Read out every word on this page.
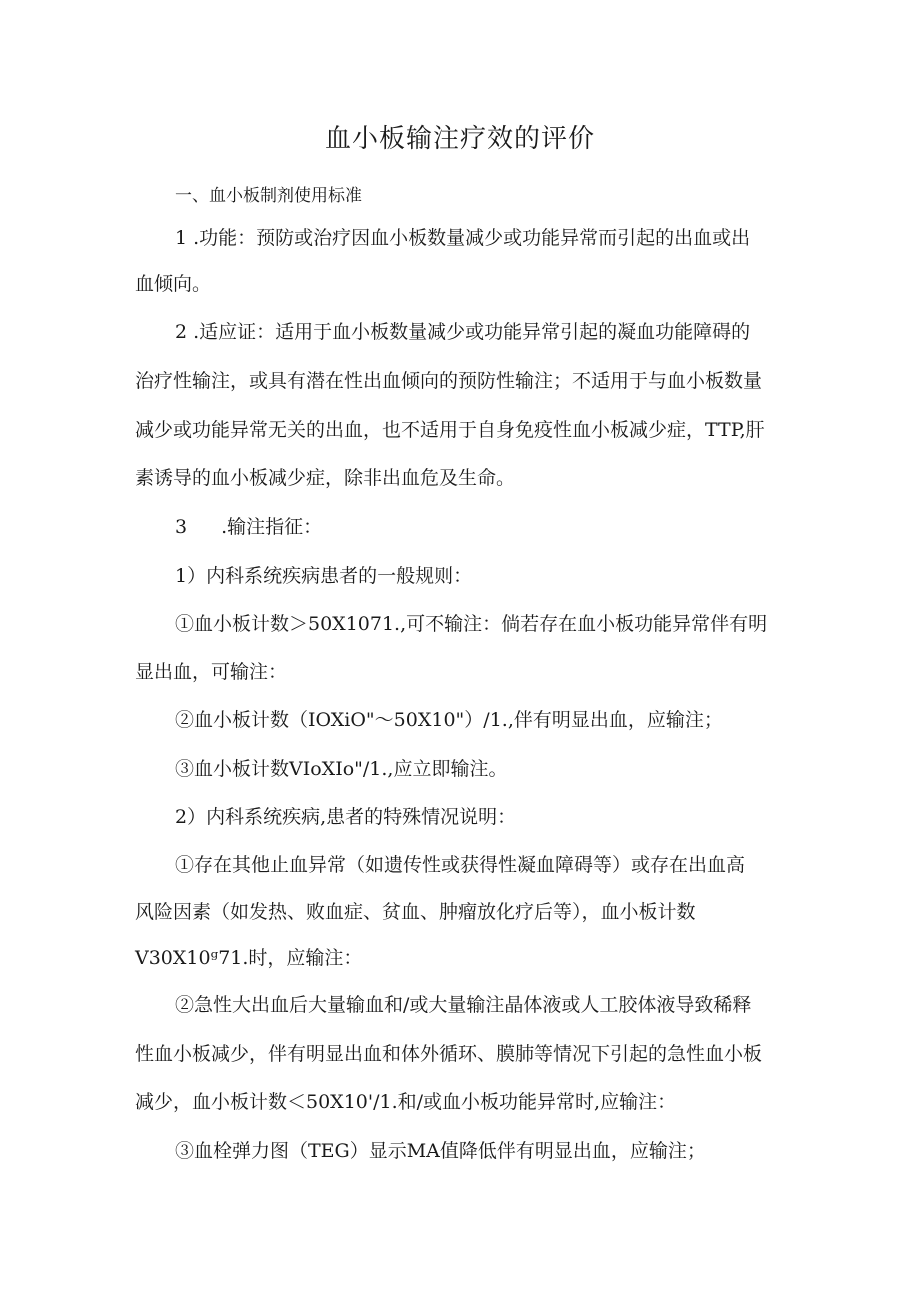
血小板输注疗效的评价
一、血小板制剂使用标准
1 .功能：预防或治疗因血小板数量减少或功能异常而引起的出血或出
血倾向。
2 .适应证：适用于血小板数量减少或功能异常引起的凝血功能障碍的
治疗性输注，或具有潜在性出血倾向的预防性输注；不适用于与血小板数量
减少或功能异常无关的出血，也不适用于自身免疫性血小板减少症，TTP,肝
素诱导的血小板减少症，除非出血危及生命。
3 .输注指征：
1）内科系统疾病患者的一般规则：
①血小板计数＞50X1071.,可不输注：倘若存在血小板功能异常伴有明
显出血，可输注：
②血小板计数（IOXiO"〜50X10"）/1.,伴有明显出血，应输注；
③血小板计数VIoXIo"/1.,应立即输注。
2）内科系统疾病,患者的特殊情况说明：
①存在其他止血异常（如遗传性或获得性凝血障碍等）或存在出血高
风险因素（如发热、败血症、贫血、肿瘤放化疗后等），血小板计数
V30X10ᵍ71.时，应输注：
②急性大出血后大量输血和/或大量输注晶体液或人工胶体液导致稀释
性血小板减少，伴有明显出血和体外循环、膜肺等情况下引起的急性血小板
减少，血小板计数＜50X10'/1.和/或血小板功能异常时,应输注：
③血栓弹力图（TEG）显示MA值降低伴有明显出血，应输注；
